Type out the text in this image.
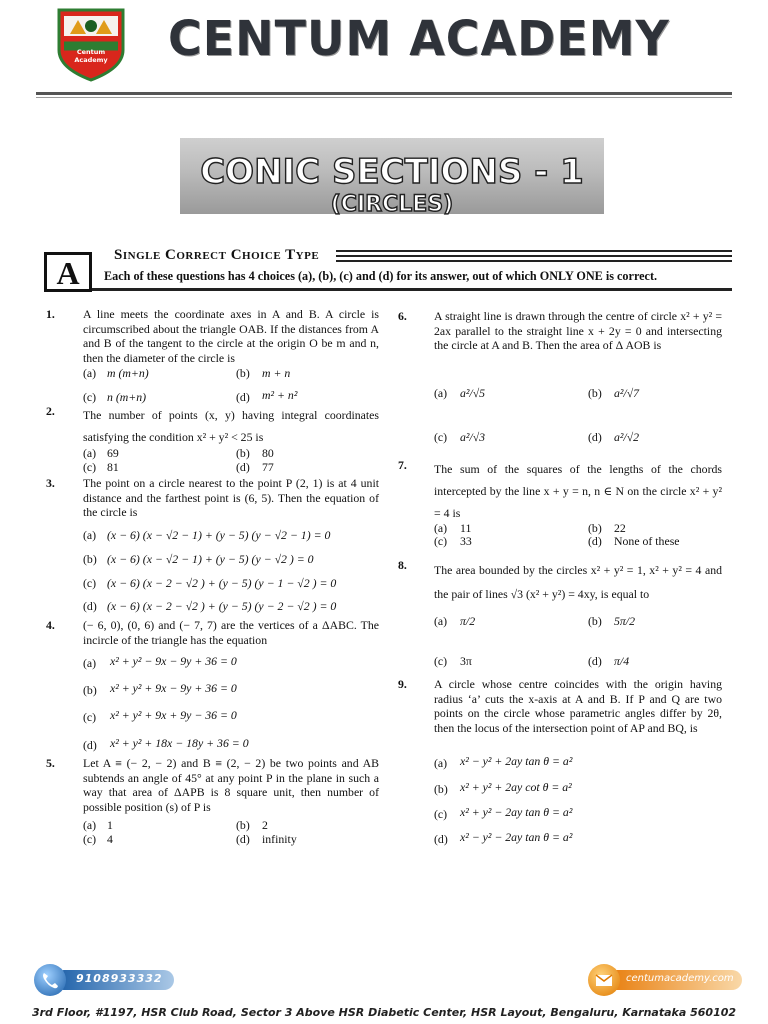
Centum Academy	CENTUM ACADEMY
CONIC SECTIONS - 1 (CIRCLES)
A	Single Correct Choice Type
Each of these questions has 4 choices (a), (b), (c) and (d) for its answer, out of which ONLY ONE is correct.
1. A line meets the coordinate axes in A and B. A circle is circumscribed about the triangle OAB. If the distances from A and B of the tangent to the circle at the origin O be m and n, then the diameter of the circle is
(a) m (m+n)	(b) m + n
(c) n (m+n)	(d) m² + n²
2. The number of points (x, y) having integral coordinates satisfying the condition x² + y² < 25 is
(a) 69	(b) 80
(c) 81	(d) 77
3. The point on a circle nearest to the point P (2, 1) is at 4 unit distance and the farthest point is (6, 5). Then the equation of the circle is
(a) (x − 6) (x − √2 − 1) + (y − 5) (y − √2 − 1) = 0
(b) (x − 6) (x − √2 − 1) + (y − 5) (y − √2 ) = 0
(c) (x − 6) (x − 2 − √2 ) + (y − 5) (y − 1 − √2 ) = 0
(d) (x − 6) (x − 2 − √2 ) + (y − 5) (y − 2 − √2 ) = 0
4. (− 6, 0), (0, 6) and (− 7, 7) are the vertices of a ΔABC. The incircle of the triangle has the equation
(a) x² + y² − 9x − 9y + 36 = 0
(b) x² + y² + 9x − 9y + 36 = 0
(c) x² + y² + 9x + 9y − 36 = 0
(d) x² + y² + 18x − 18y + 36 = 0
5. Let A ≡ (− 2, − 2) and B ≡ (2, − 2) be two points and AB subtends an angle of 45° at any point P in the plane in such a way that area of ΔAPB is 8 square unit, then number of possible position (s) of P is
(a) 1	(b) 2
(c) 4	(d) infinity
6. A straight line is drawn through the centre of circle x² + y² = 2ax parallel to the straight line x + 2y = 0 and intersecting the circle at A and B. Then the area of Δ AOB is
(a) a²/√5	(b) a²/√7
(c) a²/√3	(d) a²/√2
7. The sum of the squares of the lengths of the chords intercepted by the line x + y = n, n ∈ N on the circle x² + y² = 4 is
(a) 11	(b) 22
(c) 33	(d) None of these
8. The area bounded by the circles x² + y² = 1, x² + y² = 4 and the pair of lines √3 (x² + y²) = 4xy, is equal to
(a) π/2	(b) 5π/2
(c) 3π	(d) π/4
9. A circle whose centre coincides with the origin having radius ‘a’ cuts the x-axis at A and B. If P and Q are two points on the circle whose parametric angles differ by 2θ, then the locus of the intersection point of AP and BQ, is
(a) x² − y² + 2ay tan θ = a²
(b) x² + y² + 2ay cot θ = a²
(c) x² + y² − 2ay tan θ = a²
(d) x² − y² − 2ay tan θ = a²
9108933332	centumacademy.com
3rd Floor, #1197, HSR Club Road, Sector 3 Above HSR Diabetic Center, HSR Layout, Bengaluru, Karnataka 560102
